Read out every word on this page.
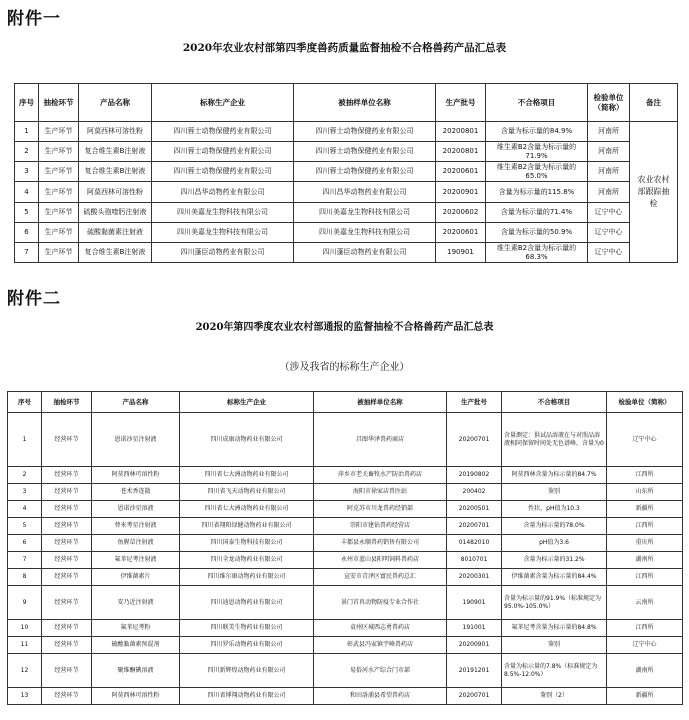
附件一
2020年农业农村部第四季度兽药质量监督抽检不合格兽药产品汇总表
序号	抽检环节	产品名称	标称生产企业	被抽样单位名称	生产批号	不合格项目	检验单位（简称）	备注
1	生产环节	阿莫西林可溶性粉	四川蓉士动物保健药业有限公司	四川蓉士动物保健药业有限公司	20200801	含量为标示量的84.9%	河南所	农业农村部跟踪抽检
2	生产环节	复合维生素B注射液	四川蓉士动物保健药业有限公司	四川蓉士动物保健药业有限公司	20200801	维生素B2含量为标示量的71.9%	河南所	
3	生产环节	复合维生素B注射液	四川蓉士动物保健药业有限公司	四川蓉士动物保健药业有限公司	20200601	维生素B2含量为标示量的65.0%	河南所	
4	生产环节	阿莫西林可溶性粉	四川昌华动物药业有限公司	四川昌华动物药业有限公司	20200901	含量为标示量的115.8%	河南所	
5	生产环节	硫酸头孢喹肟注射液	四川美嘉龙生物科技有限公司	四川美嘉龙生物科技有限公司	20200602	含量为标示量的71.4%	辽宁中心	
6	生产环节	硫酸黏菌素注射液	四川美嘉龙生物科技有限公司	四川美嘉龙生物科技有限公司	20200601	含量为标示量的50.9%	辽宁中心	
7	生产环节	复合维生素B注射液	四川蓬臣动物药业有限公司	四川蓬臣动物药业有限公司	190901	维生素B2含量为标示量的68.3%	辽宁中心	
附件二
2020年第四季度农业农村部通报的监督抽检不合格兽药产品汇总表
（涉及我省的标称生产企业）
序号	抽检环节	产品名称	标称生产企业	被抽样单位名称	生产批号	不合格项目	检验单位（简称）
1	经营环节	恩诺沙星注射液	四川成康动物药业有限公司	昌图华泽兽药商店	20200701	含量测定：供试品溶液在与对照品溶液相同保留时间处无色谱峰，含量为0	辽宁中心
2	经营环节	阿莫西林可溶性粉	四川省七大洲动物药业有限公司	萍乡市老关畜牧水产防治兽药店	20190802	阿莫西林含量为标示量的84.7%	江西所
3	经营环节	苍术香连散	四川省飞天动物药业有限公司	海阳市徐家店兽医站	200402	鉴别	山东所
4	经营环节	恩诺沙星溶液	四川省七大洲动物药业有限公司	阿克苏市川龙兽药经销部	20200501	性状，pH值为10.3	新疆所
5	经营环节	替米考星注射液	四川省翔阳绿健动物药业有限公司	崇阳市建钻兽药经营店	20200701	含量为标示量的78.0%	江西所
6	经营环节	鱼腥草注射液	四川国泰生物科技有限公司	丰都县永顺兽药销售有限公司	01482010	pH值为3.6	重庆所
7	经营环节	氟苯尼考注射液	四川全龙动物药业有限公司	永州市蓝山县阳明饲料兽药店	8010701	含量为标示量的31.2%	湖南所
8	经营环节	伊维菌素片	四川维尔康动物药业有限公司	宣安市青泽区富民兽药总汇	20200301	伊维菌素含量为标示量的84.4%	江西所
9	经营环节	安乃近注射液	四川迪恩动物药业有限公司	景门首冉动物防疫专业合作社	190901	含量为标示量的91.9%（标准规定为95.0%-105.0%）	云南所
10	经营环节	氟苯尼考粉	四川联美生物药业有限公司	袁州区城西志勇兽药店	191001	氟苯尼考含量为标示量的84.8%	江西所
11	经营环节	硫酸黏菌素预混剂	四川罗乐动物药业有限公司	彰武县冯家镇宇峰兽药店	20200901	鉴别	辽宁中心
12	经营环节	聚维酮碘溶液	四川新辉煌动物药业有限公司	易俗河水产综合门市部	20191201	含量为标示量的7.8%（标准规定为8.5%-12.0%）	湖南所
13	经营环节	阿莫西林可溶性粉	四川省博翔动物药业有限公司	和田洛浦县希望兽药店	20200701	鉴别（2）	新疆所
